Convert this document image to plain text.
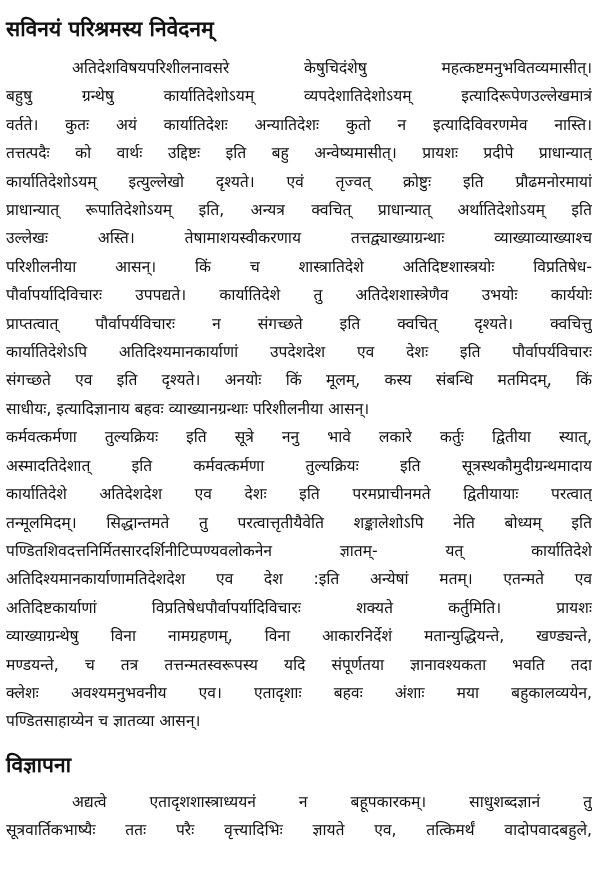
सविनयं परिश्रमस्य निवेदनम्
अतिदेशविषयपरिशीलनावसरे केषुचिदंशेषु महत्कष्टमनुभवितव्यमासीत्।
बहुषु ग्रन्थेषु कार्यातिदेशोऽयम् व्यपदेशातिदेशोऽयम् इत्यादिरूपेणउल्लेखमात्रं
वर्तते। कुतः अयं कार्यातिदेशः अन्यातिदेशः कुतो न इत्यादिविवरणमेव नास्ति।
तत्तत्पदैः को वार्थः उद्दिष्टः इति बहु अन्वेष्यमासीत्। प्रायशः प्रदीपे प्राधान्यात्
कार्यातिदेशोऽयम् इत्युल्लेखो दृश्यते। एवं तृज्वत् क्रोष्टुः इति प्रौढमनोरमायां
प्राधान्यात् रूपातिदेशोऽयम् इति, अन्यत्र क्वचित् प्राधान्यात् अर्थातिदेशोऽयम् इति
उल्लेखः अस्ति। तेषामाशयस्वीकरणाय तत्तद्व्याख्याग्रन्थाः व्याख्याव्याख्याश्च
परिशीलनीया आसन्। किं च शास्त्रातिदेशे अतिदिष्टशास्त्रयोः विप्रतिषेध-
पौर्वापर्यादिविचारः उपपद्यते। कार्यातिदेशे तु अतिदेशशास्त्रेणैव उभयोः कार्ययोः
प्राप्तत्वात् पौर्वापर्यविचारः न संगच्छते इति क्वचित् दृश्यते। क्वचित्तु
कार्यातिदेशेऽपि अतिदिश्यमानकार्याणां उपदेशदेश एव देशः इति पौर्वापर्यविचारः
संगच्छते एव इति दृश्यते। अनयोः किं मूलम्, कस्य संबन्धि मतमिदम्, किं
साधीयः, इत्यादिज्ञानाय बहवः व्याख्यानग्रन्थाः परिशीलनीया आसन्।
कर्मवत्कर्मणा तुल्यक्रियः इति सूत्रे ननु भावे लकारे कर्तुः द्वितीया स्यात्,
अस्मादतिदेशात् इति कर्मवत्कर्मणा तुल्यक्रियः इति सूत्रस्थकौमुदीग्रन्थमादाय
कार्यातिदेशे अतिदेशदेश एव देशः इति परमप्राचीनमते द्वितीयायाः परत्वात्
तन्मूलमिदम्। सिद्धान्तमते तु परत्वात्तृतीयैवेति शङ्कालेशोऽपि नेति बोध्यम् इति
पण्डितशिवदत्तनिर्मितसारदर्शिनीटिप्पण्यवलोकनेन ज्ञातम्- यत् कार्यातिदेशे
अतिदिश्यमानकार्याणामतिदेशदेश एव देश :इति अन्येषां मतम्। एतन्मते एव
अतिदिष्टकार्याणां विप्रतिषेधपौर्वापर्यादिविचारः शक्यते कर्तुमिति। प्रायशः
व्याख्याग्रन्थेषु विना नामग्रहणम्, विना आकारनिर्देशं मतान्युद्धियन्ते, खण्ड्यन्ते,
मण्डयन्ते, च तत्र तत्तन्मतस्वरूपस्य यदि संपूर्णतया ज्ञानावश्यकता भवति तदा
क्लेशः अवश्यमनुभवनीय एव। एतादृशाः बहवः अंशाः मया बहुकालव्ययेन,
पण्डितसाहाय्येन च ज्ञातव्या आसन्।
विज्ञापना
अद्यत्वे एतादृशशास्त्राध्ययनं न बहूपकारकम्। साधुशब्दज्ञानं तु
सूत्रवार्तिकभाष्यैः ततः परैः वृत्त्यादिभिः ज्ञायते एव, तत्किमर्थं वादोपवादबहुले,
